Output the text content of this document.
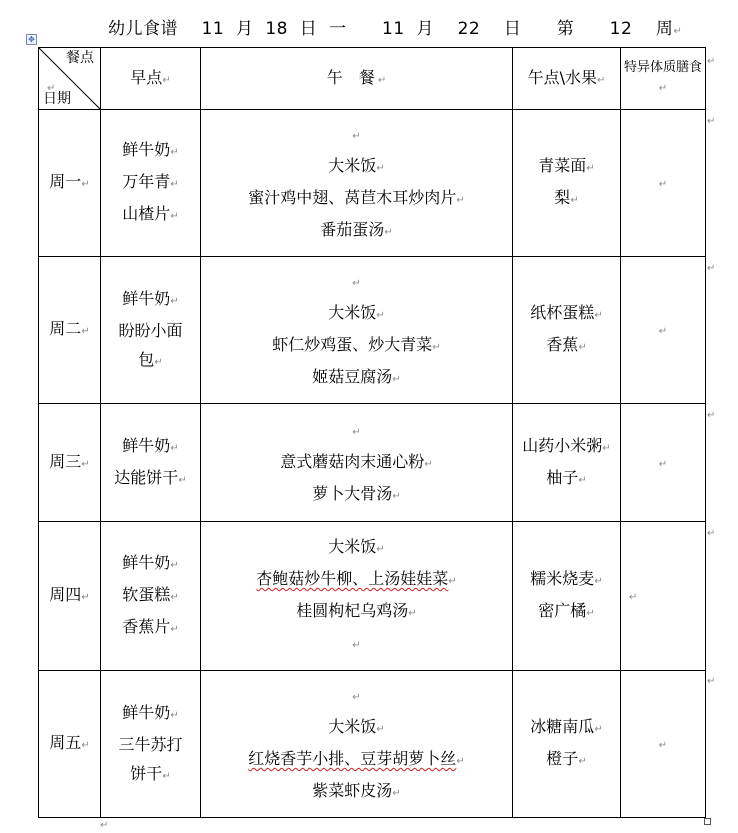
✥
幼儿食谱    11  月  18  日  一      11  月    22    日      第      12    周↵
餐点
↵
日期	早点↵	午　餐 ↵	午点\水果↵	特异体质膳食↵
周一↵	鲜牛奶↵
万年青↵
山楂片↵	↵
大米饭↵
蜜汁鸡中翅、莴苣木耳炒肉片↵
番茄蛋汤↵	青菜面↵
梨↵	↵
周二↵	鲜牛奶↵
盼盼小面
包↵	↵
大米饭↵
虾仁炒鸡蛋、炒大青菜↵
姬菇豆腐汤↵	纸杯蛋糕↵
香蕉↵	↵
周三↵	鲜牛奶↵
达能饼干↵	↵
意式蘑菇肉末通心粉↵
萝卜大骨汤↵	山药小米粥↵
柚子↵	↵
周四↵	鲜牛奶↵
软蛋糕↵
香蕉片↵	大米饭↵
杏鲍菇炒牛柳、上汤娃娃菜↵
桂圆枸杞乌鸡汤↵
↵	糯米烧麦↵
密广橘↵	↵
周五↵	鲜牛奶↵
三牛苏打
饼干↵	↵
大米饭↵
红烧香芋小排、豆芽胡萝卜丝↵
紫菜虾皮汤↵	冰糖南瓜↵
橙子↵	↵
↵
↵
↵
↵
↵
↵
↵
